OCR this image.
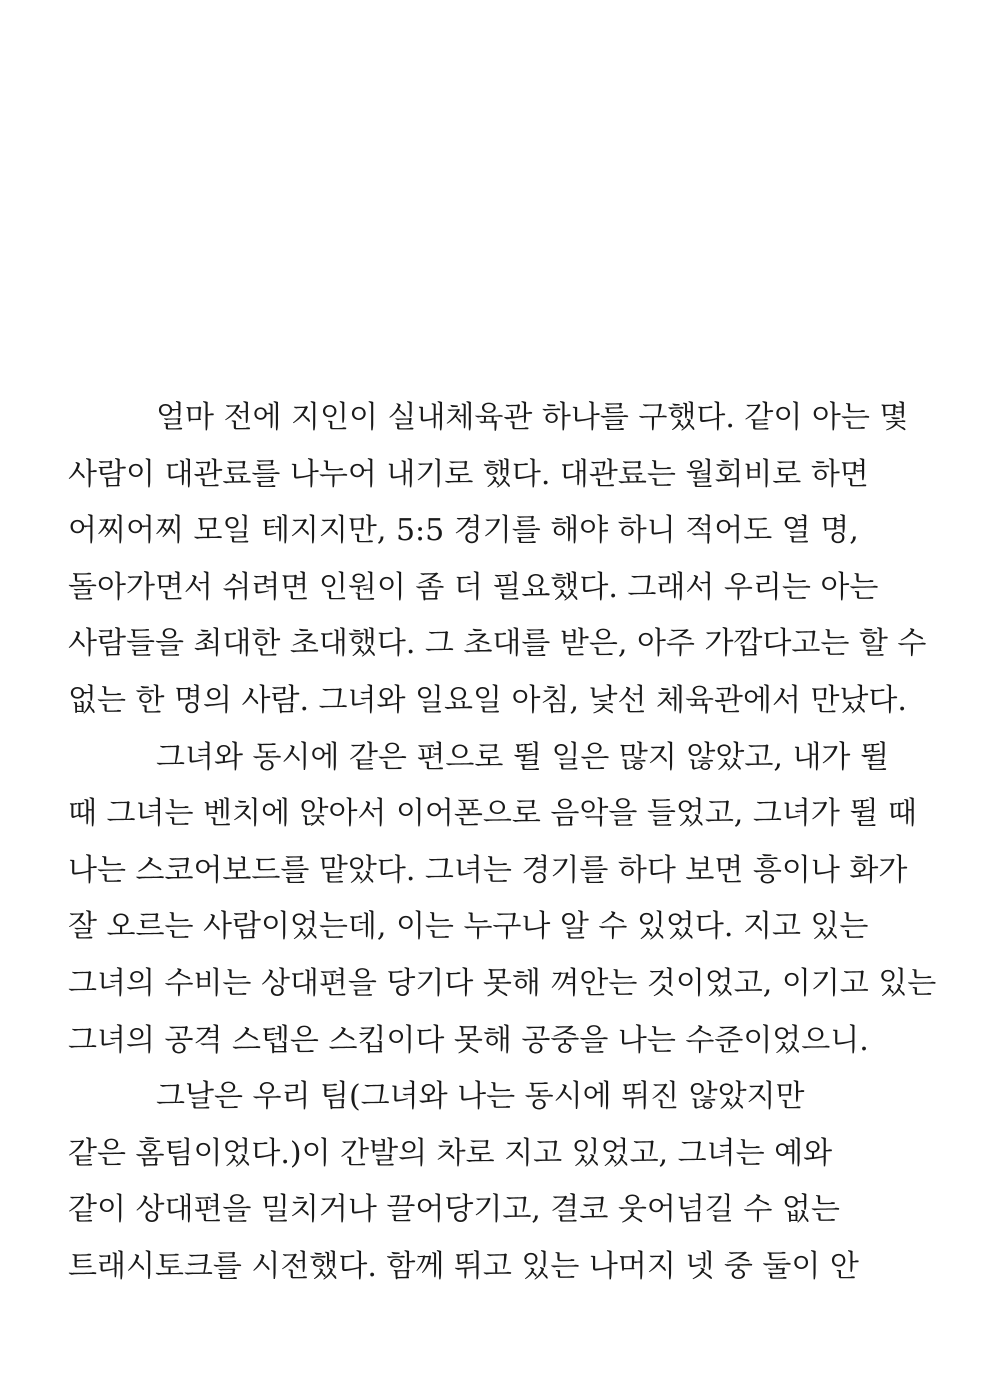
얼마 전에 지인이 실내체육관 하나를 구했다. 같이 아는 몇
사람이 대관료를 나누어 내기로 했다. 대관료는 월회비로 하면
어찌어찌 모일 테지지만, 5:5 경기를 해야 하니 적어도 열 명,
돌아가면서 쉬려면 인원이 좀 더 필요했다. 그래서 우리는 아는
사람들을 최대한 초대했다. 그 초대를 받은, 아주 가깝다고는 할 수
없는 한 명의 사람. 그녀와 일요일 아침, 낯선 체육관에서 만났다.
그녀와 동시에 같은 편으로 뛸 일은 많지 않았고, 내가 뛸
때 그녀는 벤치에 앉아서 이어폰으로 음악을 들었고, 그녀가 뛸 때
나는 스코어보드를 맡았다. 그녀는 경기를 하다 보면 흥이나 화가
잘 오르는 사람이었는데, 이는 누구나 알 수 있었다. 지고 있는
그녀의 수비는 상대편을 당기다 못해 껴안는 것이었고, 이기고 있는
그녀의 공격 스텝은 스킵이다 못해 공중을 나는 수준이었으니.
그날은 우리 팀(그녀와 나는 동시에 뛰진 않았지만
같은 홈팀이었다.)이 간발의 차로 지고 있었고, 그녀는 예와
같이 상대편을 밀치거나 끌어당기고, 결코 웃어넘길 수 없는
트래시토크를 시전했다. 함께 뛰고 있는 나머지 넷 중 둘이 안
